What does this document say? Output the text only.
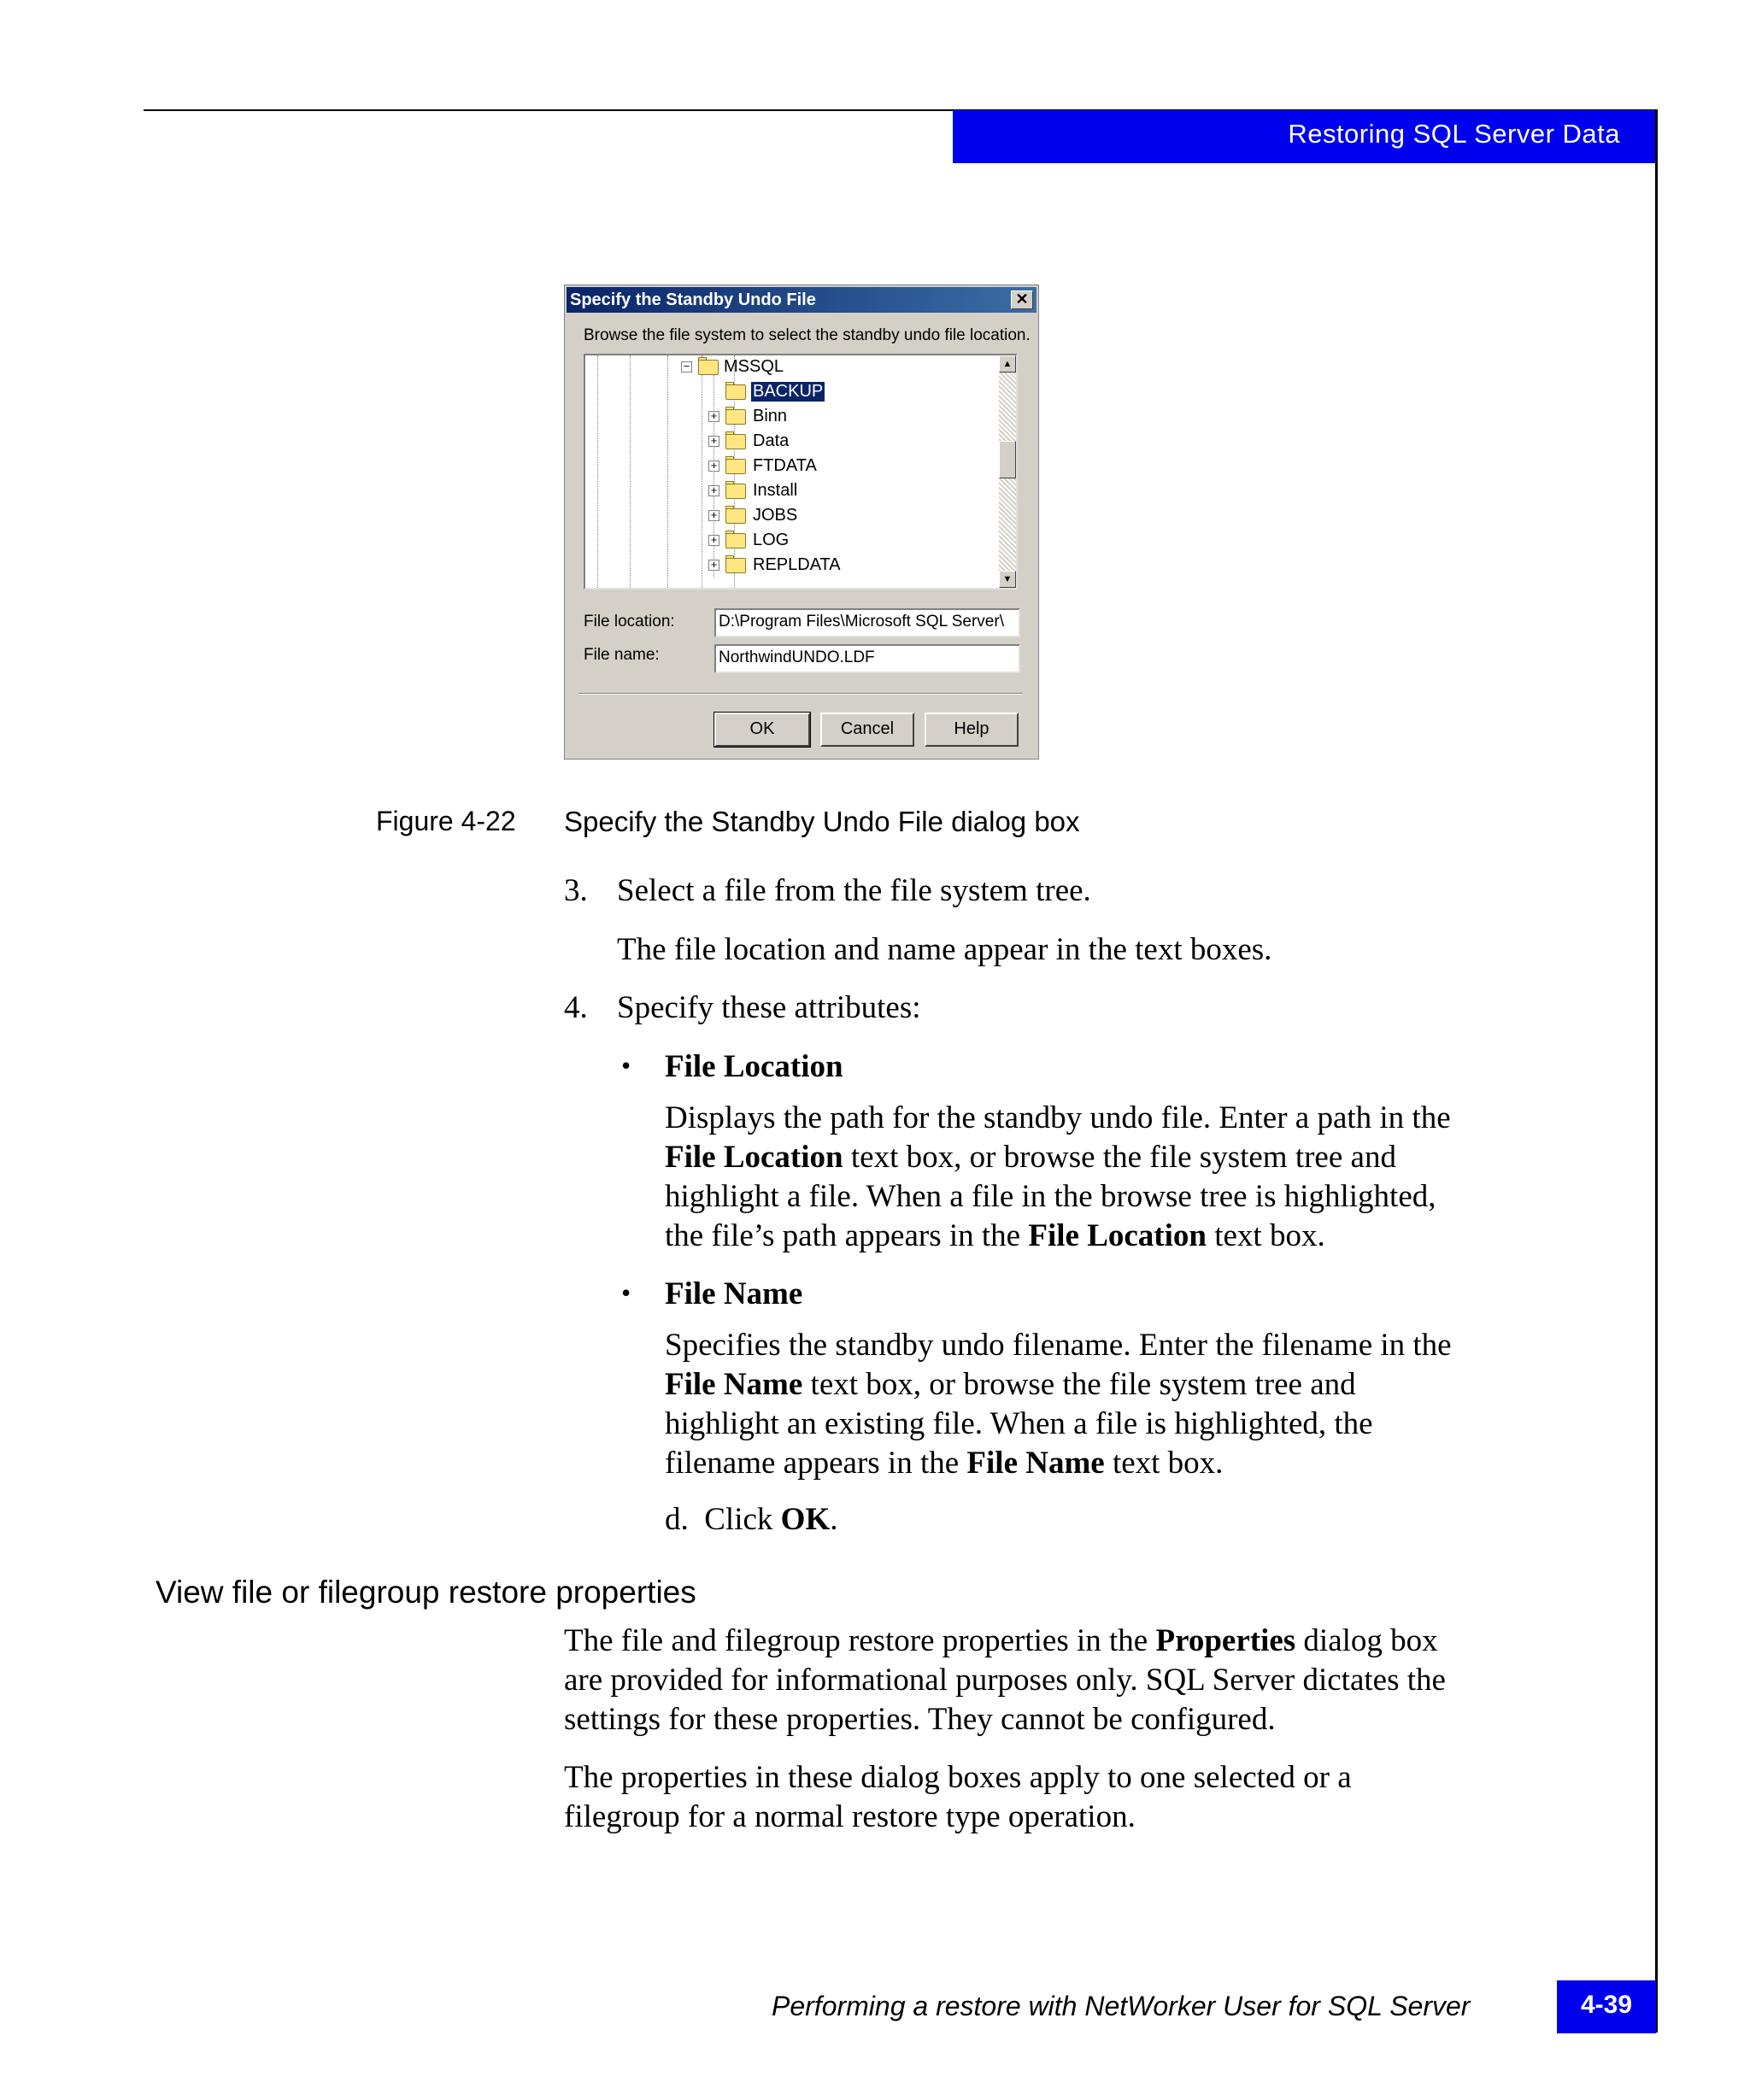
Restoring SQL Server Data
Specify the Standby Undo File	✕
Browse the file system to select the standby undo file location.
− MSSQL
BACKUP
+ Binn
+ Data
+ FTDATA
+ Install
+ JOBS
+ LOG
+ REPLDATA
▲
▼
File location:	D:\Program Files\Microsoft SQL Server\
File name:	NorthwindUNDO.LDF
OK	Cancel	Help
Figure 4-22 Specify the Standby Undo File dialog box
3. Select a file from the file system tree.
The file location and name appear in the text boxes.
4. Specify these attributes:
• File Location
Displays the path for the standby undo file. Enter a path in the
File Location text box, or browse the file system tree and
highlight a file. When a file in the browse tree is highlighted,
the file’s path appears in the File Location text box.
• File Name
Specifies the standby undo filename. Enter the filename in the
File Name text box, or browse the file system tree and
highlight an existing file. When a file is highlighted, the
filename appears in the File Name text box.
d. Click OK.
View file or filegroup restore properties
The file and filegroup restore properties in the Properties dialog box
are provided for informational purposes only. SQL Server dictates the
settings for these properties. They cannot be configured.
The properties in these dialog boxes apply to one selected or a
filegroup for a normal restore type operation.
Performing a restore with NetWorker User for SQL Server	4-39
